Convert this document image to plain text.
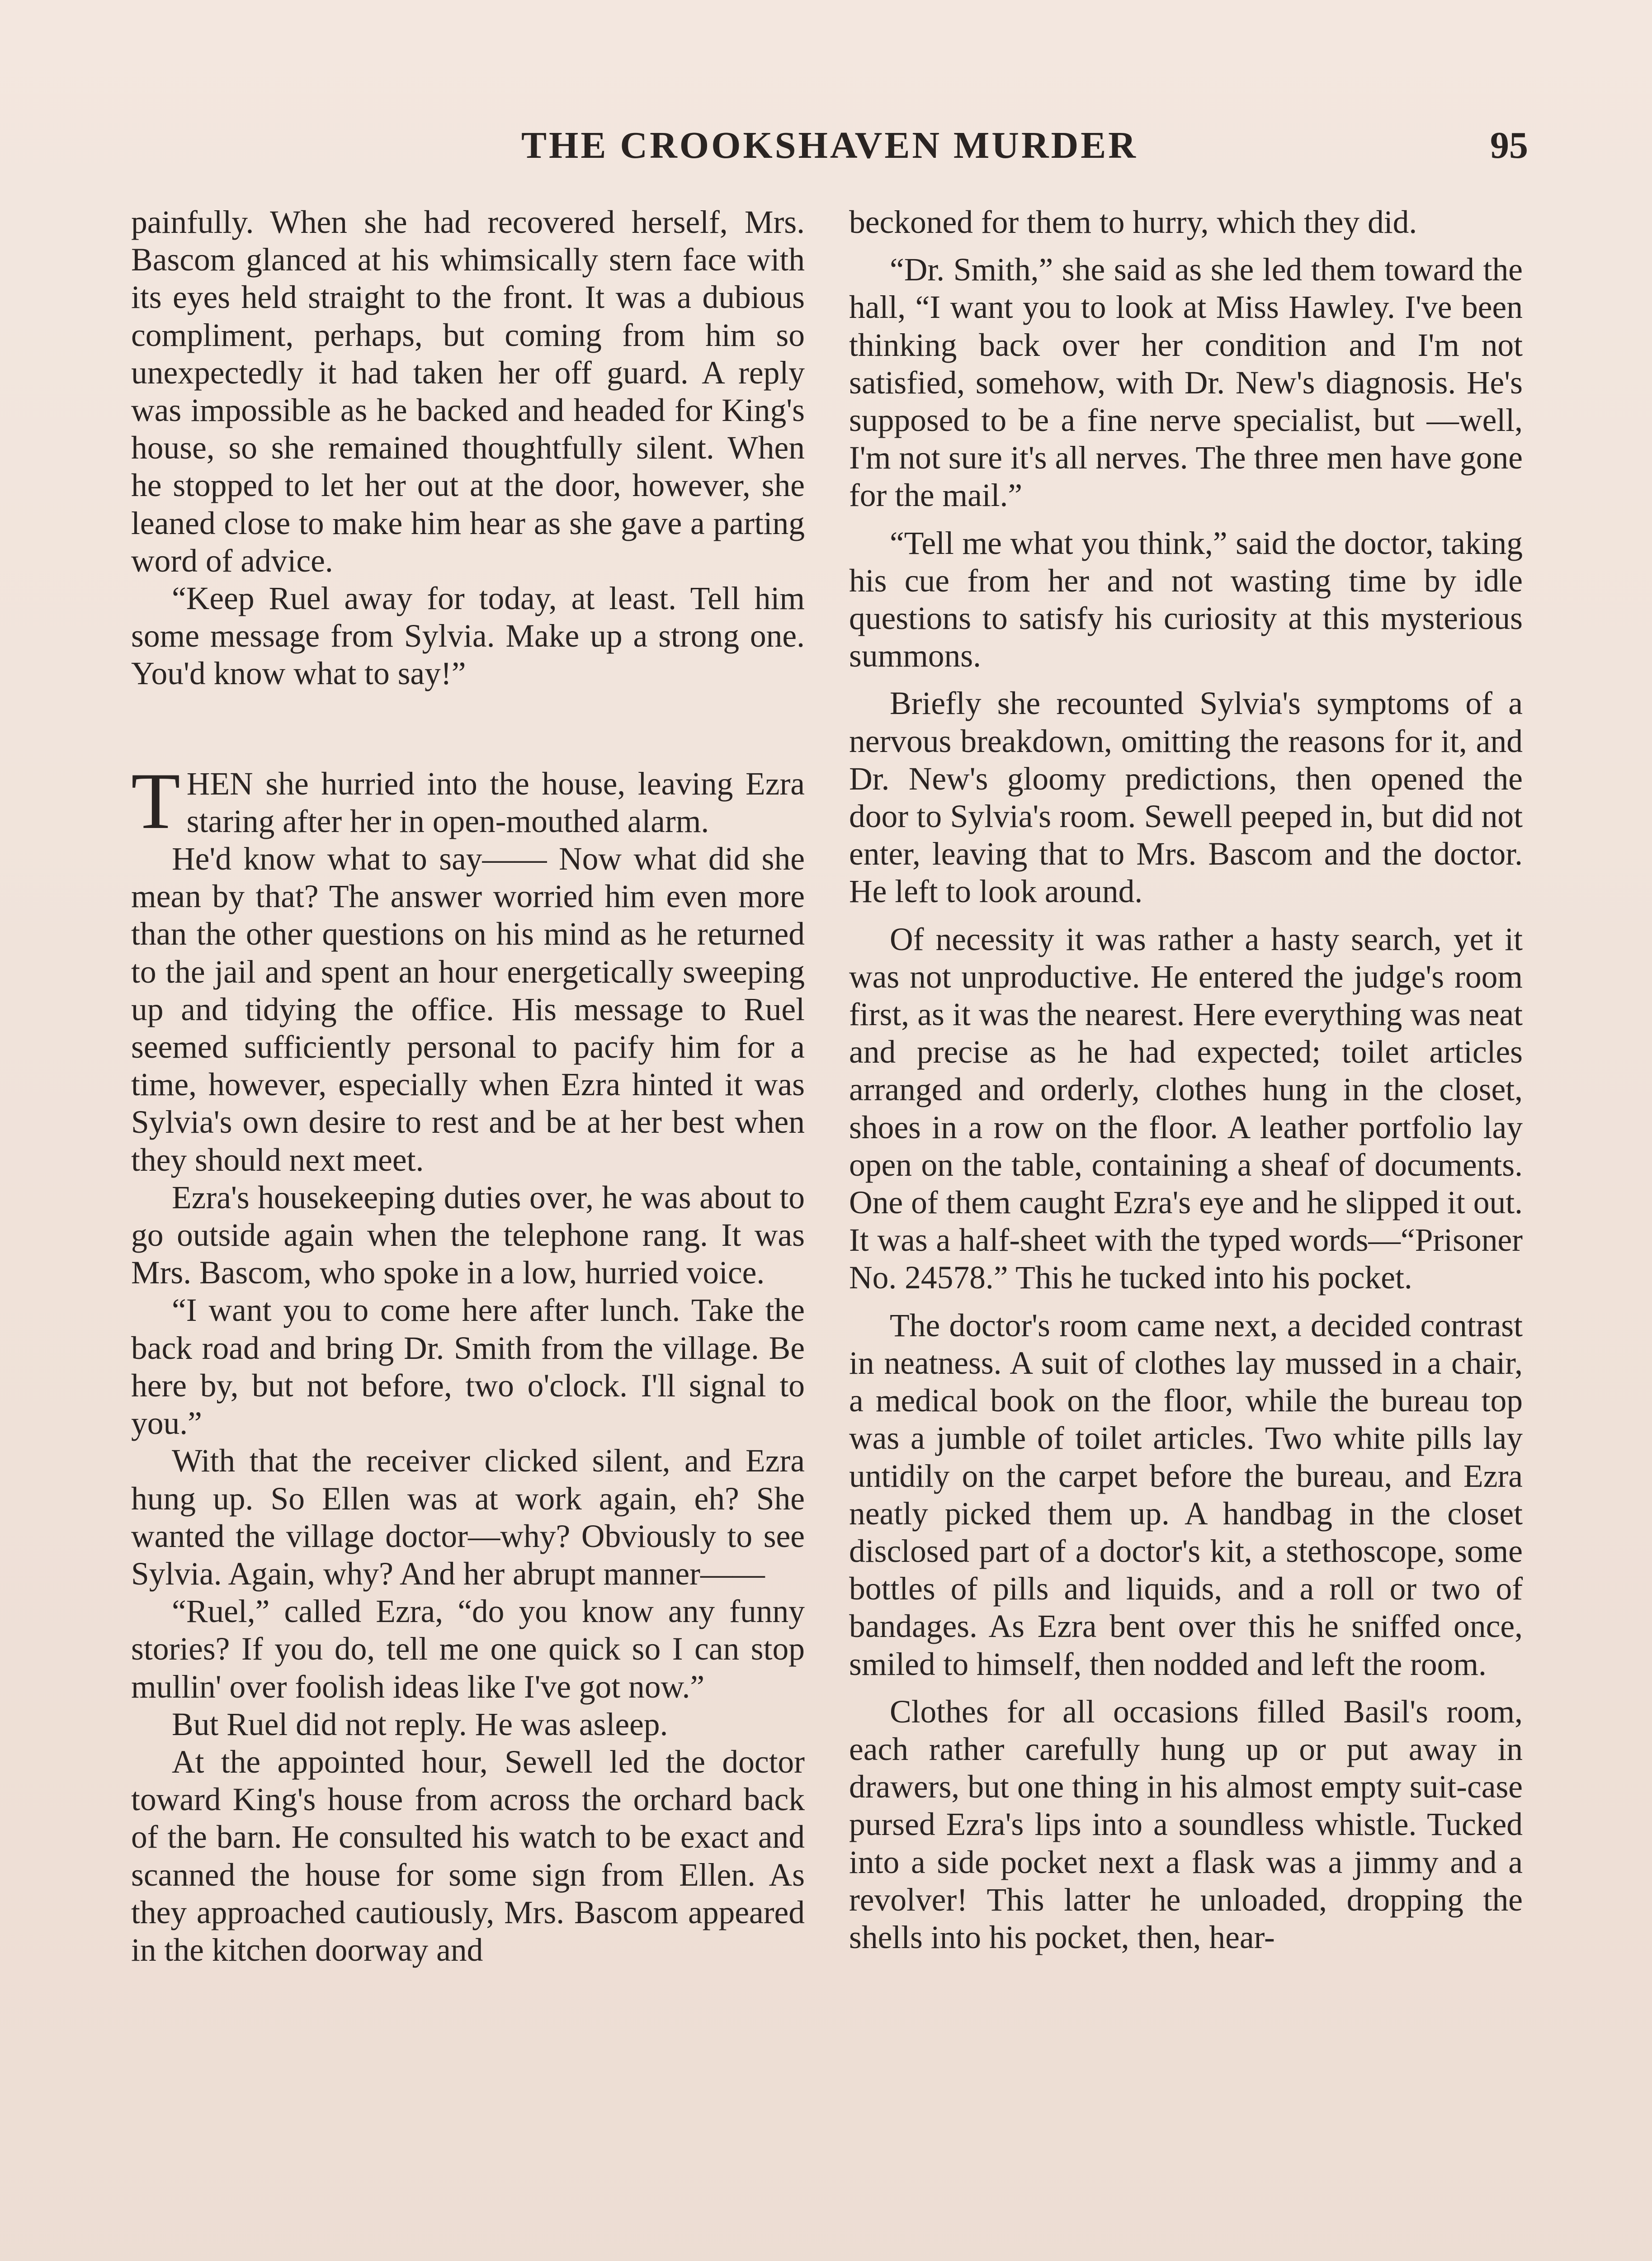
THE CROOKSHAVEN MURDER	95

painfully. When she had recovered herself, Mrs. Bascom glanced at his whimsically stern face with its eyes held straight to the front. It was a dubious compliment, perhaps, but coming from him so unexpectedly it had taken her off guard. A reply was impossible as he backed and headed for King's house, so she remained thoughtfully silent. When he stopped to let her out at the door, however, she leaned close to make him hear as she gave a parting word of advice.

“Keep Ruel away for today, at least. Tell him some message from Sylvia. Make up a strong one. You'd know what to say!”

THEN she hurried into the house, leaving Ezra staring after her in open-mouthed alarm.

He'd know what to say—— Now what did she mean by that? The answer worried him even more than the other questions on his mind as he returned to the jail and spent an hour energetically sweeping up and tidying the office. His message to Ruel seemed sufficiently personal to pacify him for a time, however, especially when Ezra hinted it was Sylvia's own desire to rest and be at her best when they should next meet.

Ezra's housekeeping duties over, he was about to go outside again when the telephone rang. It was Mrs. Bascom, who spoke in a low, hurried voice.

“I want you to come here after lunch. Take the back road and bring Dr. Smith from the village. Be here by, but not before, two o'clock. I'll signal to you.”

With that the receiver clicked silent, and Ezra hung up. So Ellen was at work again, eh? She wanted the village doctor—why? Obviously to see Sylvia. Again, why? And her abrupt manner——

“Ruel,” called Ezra, “do you know any funny stories? If you do, tell me one quick so I can stop mullin' over foolish ideas like I've got now.”

But Ruel did not reply. He was asleep.

At the appointed hour, Sewell led the doctor toward King's house from across the orchard back of the barn. He consulted his watch to be exact and scanned the house for some sign from Ellen. As they approached cautiously, Mrs. Bascom appeared in the kitchen doorway and

beckoned for them to hurry, which they did.

“Dr. Smith,” she said as she led them toward the hall, “I want you to look at Miss Hawley. I've been thinking back over her condition and I'm not satisfied, somehow, with Dr. New's diagnosis. He's supposed to be a fine nerve specialist, but —well, I'm not sure it's all nerves. The three men have gone for the mail.”

“Tell me what you think,” said the doctor, taking his cue from her and not wasting time by idle questions to satisfy his curiosity at this mysterious summons.

Briefly she recounted Sylvia's symptoms of a nervous breakdown, omitting the reasons for it, and Dr. New's gloomy predictions, then opened the door to Sylvia's room. Sewell peeped in, but did not enter, leaving that to Mrs. Bascom and the doctor. He left to look around.

Of necessity it was rather a hasty search, yet it was not unproductive. He entered the judge's room first, as it was the nearest. Here everything was neat and precise as he had expected; toilet articles arranged and orderly, clothes hung in the closet, shoes in a row on the floor. A leather portfolio lay open on the table, containing a sheaf of documents. One of them caught Ezra's eye and he slipped it out. It was a half-sheet with the typed words—“Prisoner No. 24578.” This he tucked into his pocket.

The doctor's room came next, a decided contrast in neatness. A suit of clothes lay mussed in a chair, a medical book on the floor, while the bureau top was a jumble of toilet articles. Two white pills lay untidily on the carpet before the bureau, and Ezra neatly picked them up. A handbag in the closet disclosed part of a doctor's kit, a stethoscope, some bottles of pills and liquids, and a roll or two of bandages. As Ezra bent over this he sniffed once, smiled to himself, then nodded and left the room.

Clothes for all occasions filled Basil's room, each rather carefully hung up or put away in drawers, but one thing in his almost empty suit-case pursed Ezra's lips into a soundless whistle. Tucked into a side pocket next a flask was a jimmy and a revolver! This latter he unloaded, dropping the shells into his pocket, then, hear-
